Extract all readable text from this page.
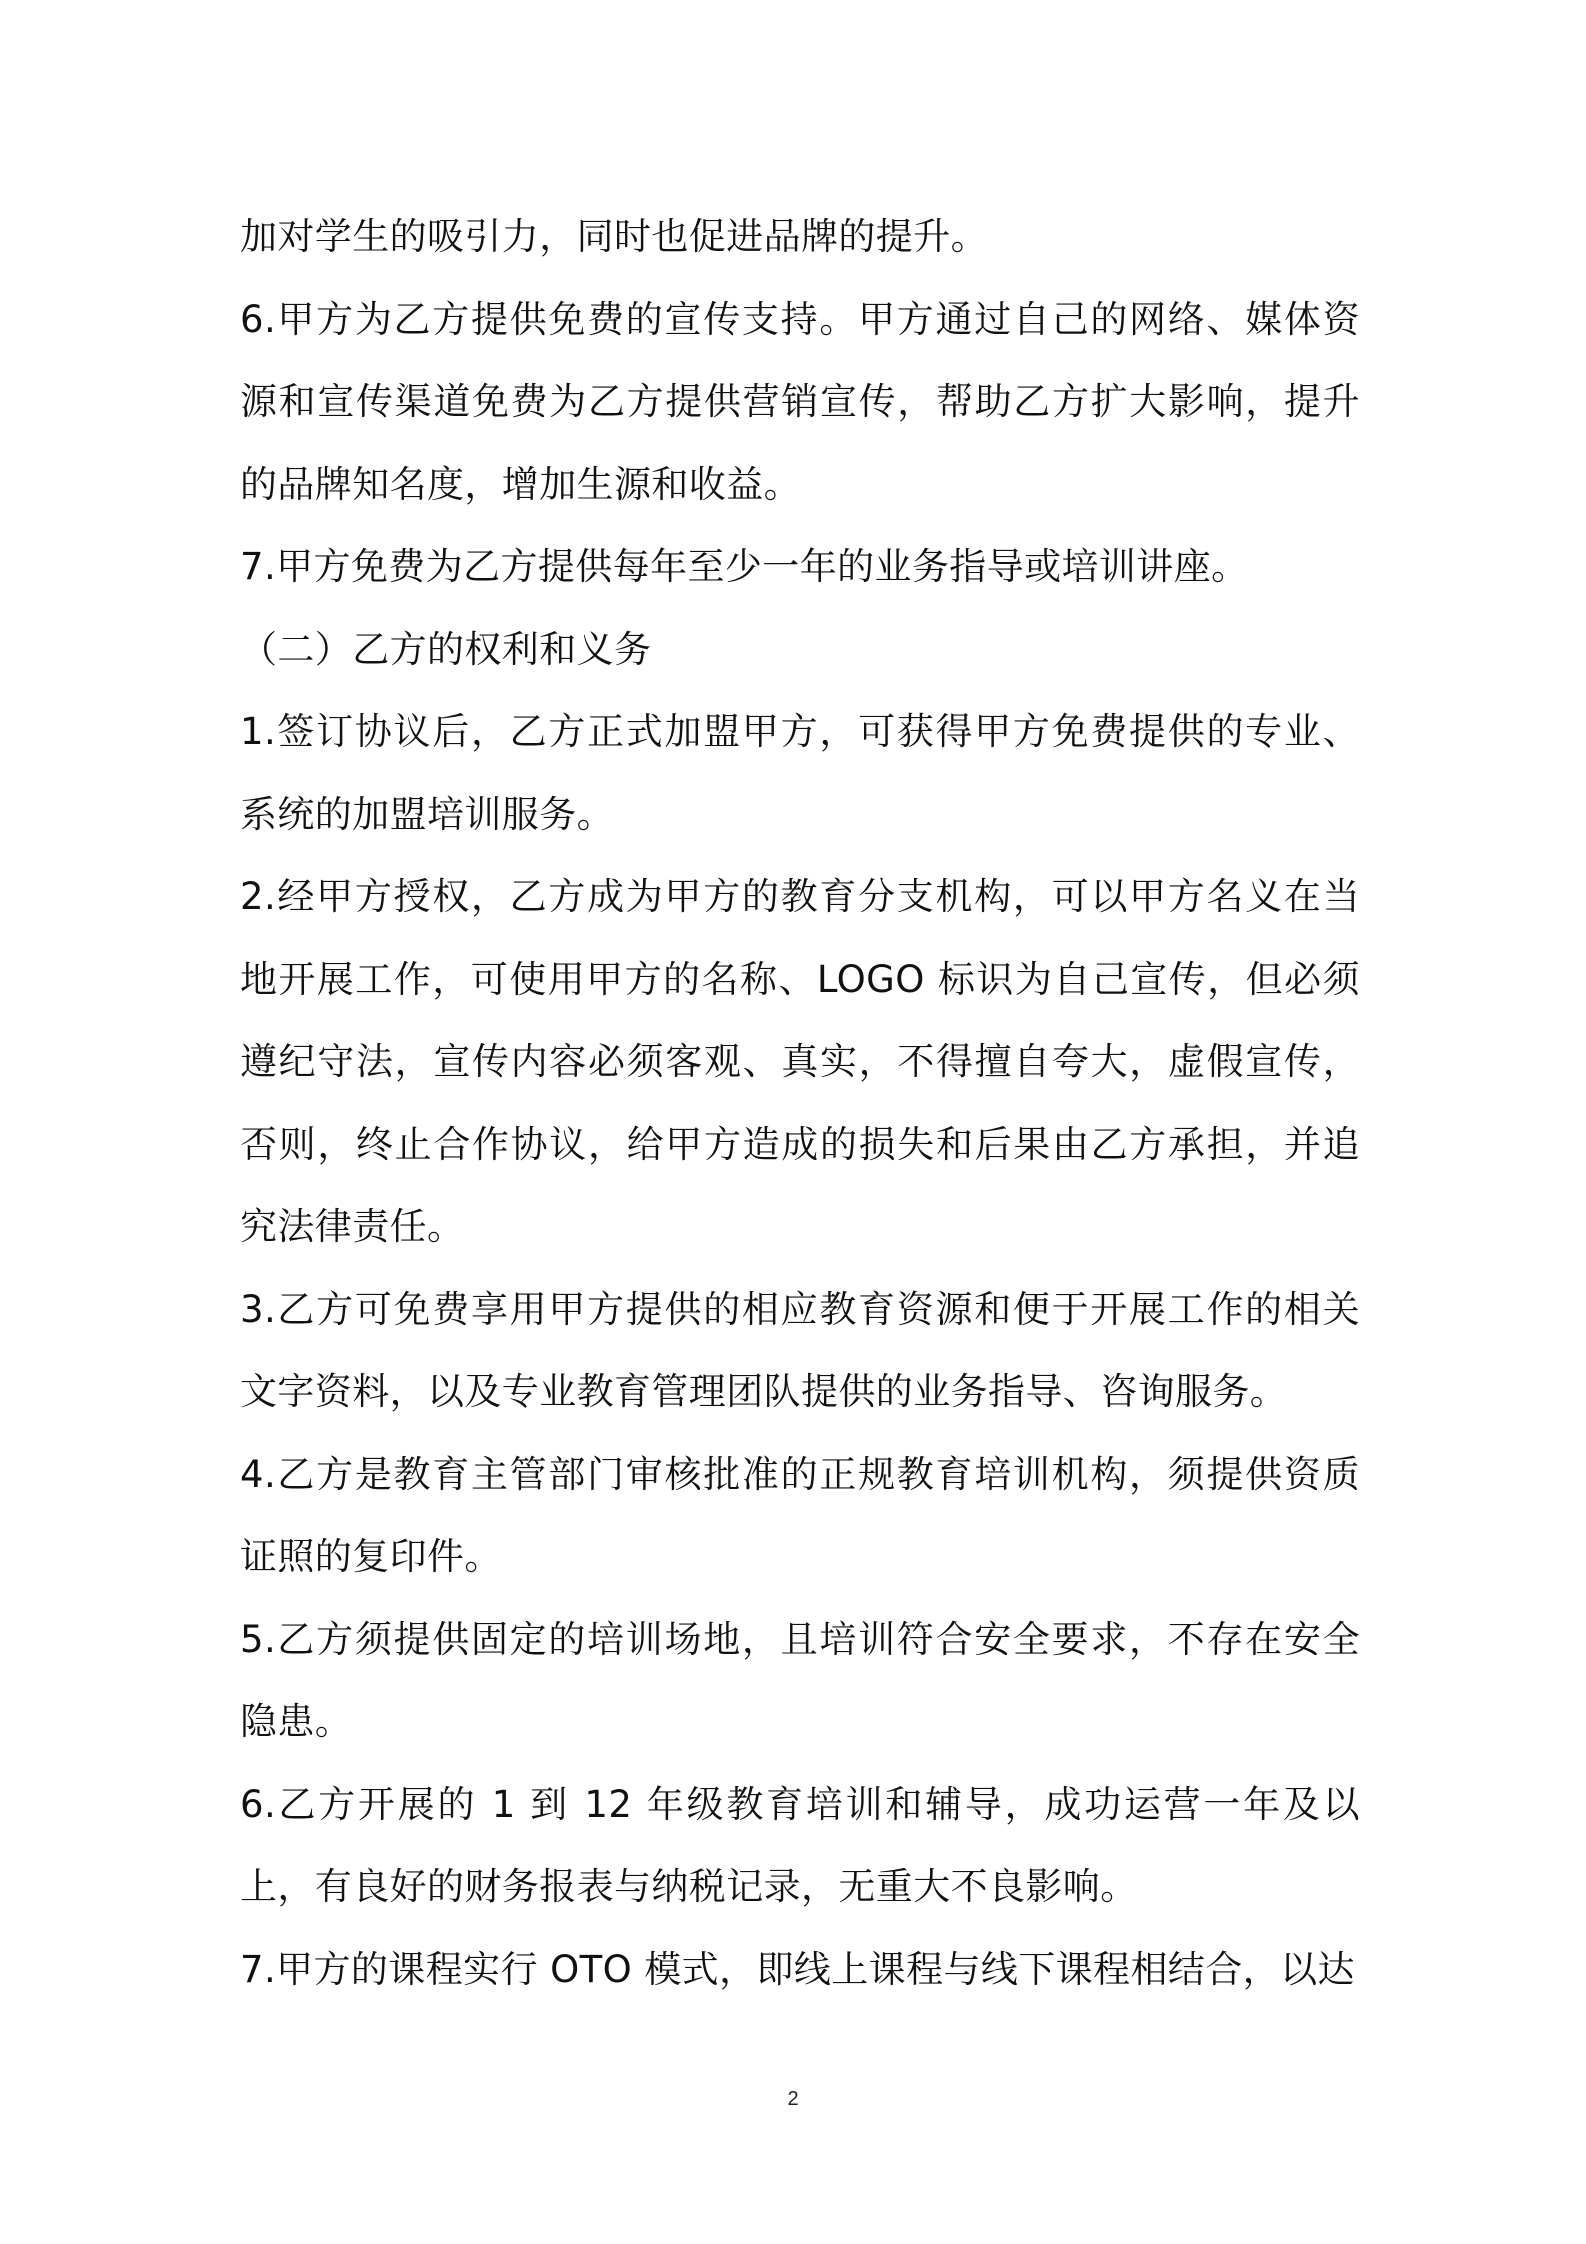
加对学生的吸引力，同时也促进品牌的提升。

6.甲方为乙方提供免费的宣传支持。甲方通过自己的网络、媒体资源和宣传渠道免费为乙方提供营销宣传，帮助乙方扩大影响，提升的品牌知名度，增加生源和收益。

7.甲方免费为乙方提供每年至少一年的业务指导或培训讲座。

（二）乙方的权利和义务

1.签订协议后，乙方正式加盟甲方，可获得甲方免费提供的专业、系统的加盟培训服务。

2.经甲方授权，乙方成为甲方的教育分支机构，可以甲方名义在当地开展工作，可使用甲方的名称、LOGO 标识为自己宣传，但必须遵纪守法，宣传内容必须客观、真实，不得擅自夸大，虚假宣传，否则，终止合作协议，给甲方造成的损失和后果由乙方承担，并追究法律责任。

3.乙方可免费享用甲方提供的相应教育资源和便于开展工作的相关文字资料，以及专业教育管理团队提供的业务指导、咨询服务。

4.乙方是教育主管部门审核批准的正规教育培训机构，须提供资质证照的复印件。

5.乙方须提供固定的培训场地，且培训符合安全要求，不存在安全隐患。

6.乙方开展的 1 到 12 年级教育培训和辅导，成功运营一年及以上，有良好的财务报表与纳税记录，无重大不良影响。

7.甲方的课程实行 OTO 模式，即线上课程与线下课程相结合，以达

2
